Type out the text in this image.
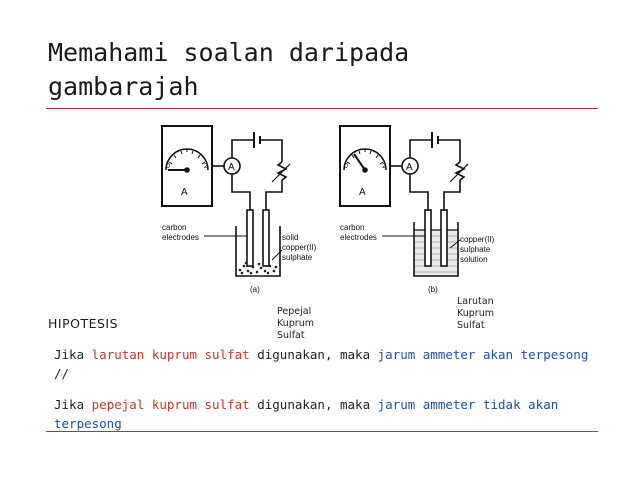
Memahami soalan daripada
gambarajah
0	2
A
A
carbon electrodes	solid copper(II) sulphate
(a)
0	2
A
A
carbon electrodes	copper(II) sulphate solution
(b)
Pepejal
Kuprum
Sulfat
Larutan
Kuprum
Sulfat
HIPOTESIS
Jika larutan kuprum sulfat digunakan, maka jarum ammeter akan terpesong //
Jika pepejal kuprum sulfat digunakan, maka jarum ammeter tidak akan terpesong
